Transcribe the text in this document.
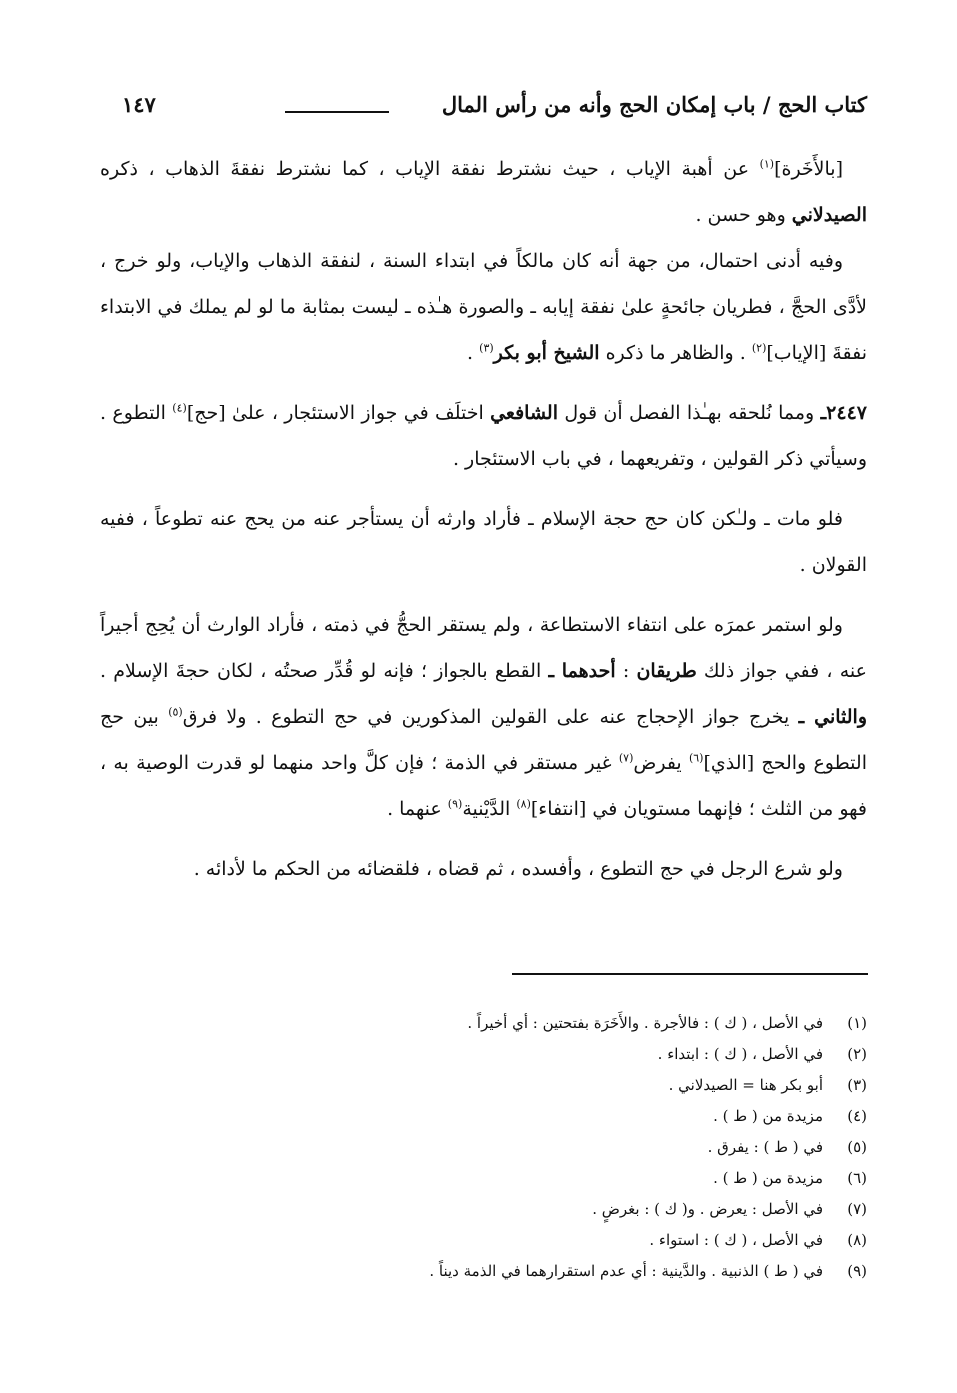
كتاب الحج / باب إمكان الحج وأنه من رأس المال
١٤٧

[بالأَخَرة]$^{(١)}$ عن أهبة الإياب ، حيث نشترط نفقة الإياب ، كما نشترط نفقةَ الذهاب ، ذكره الصيدلاني وهو حسن .

وفيه أدنى احتمال، من جهة أنه كان مالكاً في ابتداء السنة ، لنفقة الذهاب والإياب، ولو خرج ، لأدَّى الحجَّ ، فطريان جائحةٍ علىٰ نفقة إيابه ـ والصورة هـٰذه ـ ليست بمثابة ما لو لم يملك في الابتداء نفقةَ [الإياب]$^{(٢)}$ . والظاهر ما ذكره الشيخ أبو بكر$^{(٣)}$ .

٢٤٤٧ـ ومما نُلحقه بهـٰذا الفصل أن قول الشافعي اختلَف في جواز الاستئجار ، علىٰ [حج]$^{(٤)}$ التطوع . وسيأتي ذكر القولين ، وتفريعهما ، في باب الاستئجار .

فلو مات ـ ولـٰكن كان حج حجة الإسلام ـ فأراد وارثه أن يستأجر عنه من يحج عنه تطوعاً ، ففيه القولان .

ولو استمر عمرَه على انتفاء الاستطاعة ، ولم يستقر الحجُّ في ذمته ، فأراد الوارث أن يُحِج أجيراً عنه ، ففي جواز ذلك طريقان : أحدهما ـ القطع بالجواز ؛ فإنه لو قُدِّر صحتُه ، لكان حجةَ الإسلام . والثاني ـ يخرج جواز الإحجاج عنه على القولين المذكورين في حج التطوع . ولا فرق$^{(٥)}$ بين حج التطوع والحج [الذي]$^{(٦)}$ يفرض$^{(٧)}$ غير مستقر في الذمة ؛ فإن كلَّ واحد منهما لو قدرت الوصية به ، فهو من الثلث ؛ فإنهما مستويان في [انتفاء]$^{(٨)}$ الدَّيْنية$^{(٩)}$ عنهما .

ولو شرع الرجل في حج التطوع ، وأفسده ، ثم قضاه ، فلقضائه من الحكم ما لأدائه .

(١)
في الأصل ، ( ك ) : فالأجرة . والأَخَرَة بفتحتين : أي أخيراً .
(٢)
في الأصل ، ( ك ) : ابتداء .
(٣)
أبو بكر هنا = الصيدلاني .
(٤)
مزيدة من ( ط ) .
(٥)
في ( ط ) : يفرق .
(٦)
مزيدة من ( ط ) .
(٧)
في الأصل : يعرض . و( ك ) : بغرضٍ .
(٨)
في الأصل ، ( ك ) : استواء .
(٩)
في ( ط ) الذنبية . والدَّينية : أي عدم استقرارهما في الذمة ديناً .
